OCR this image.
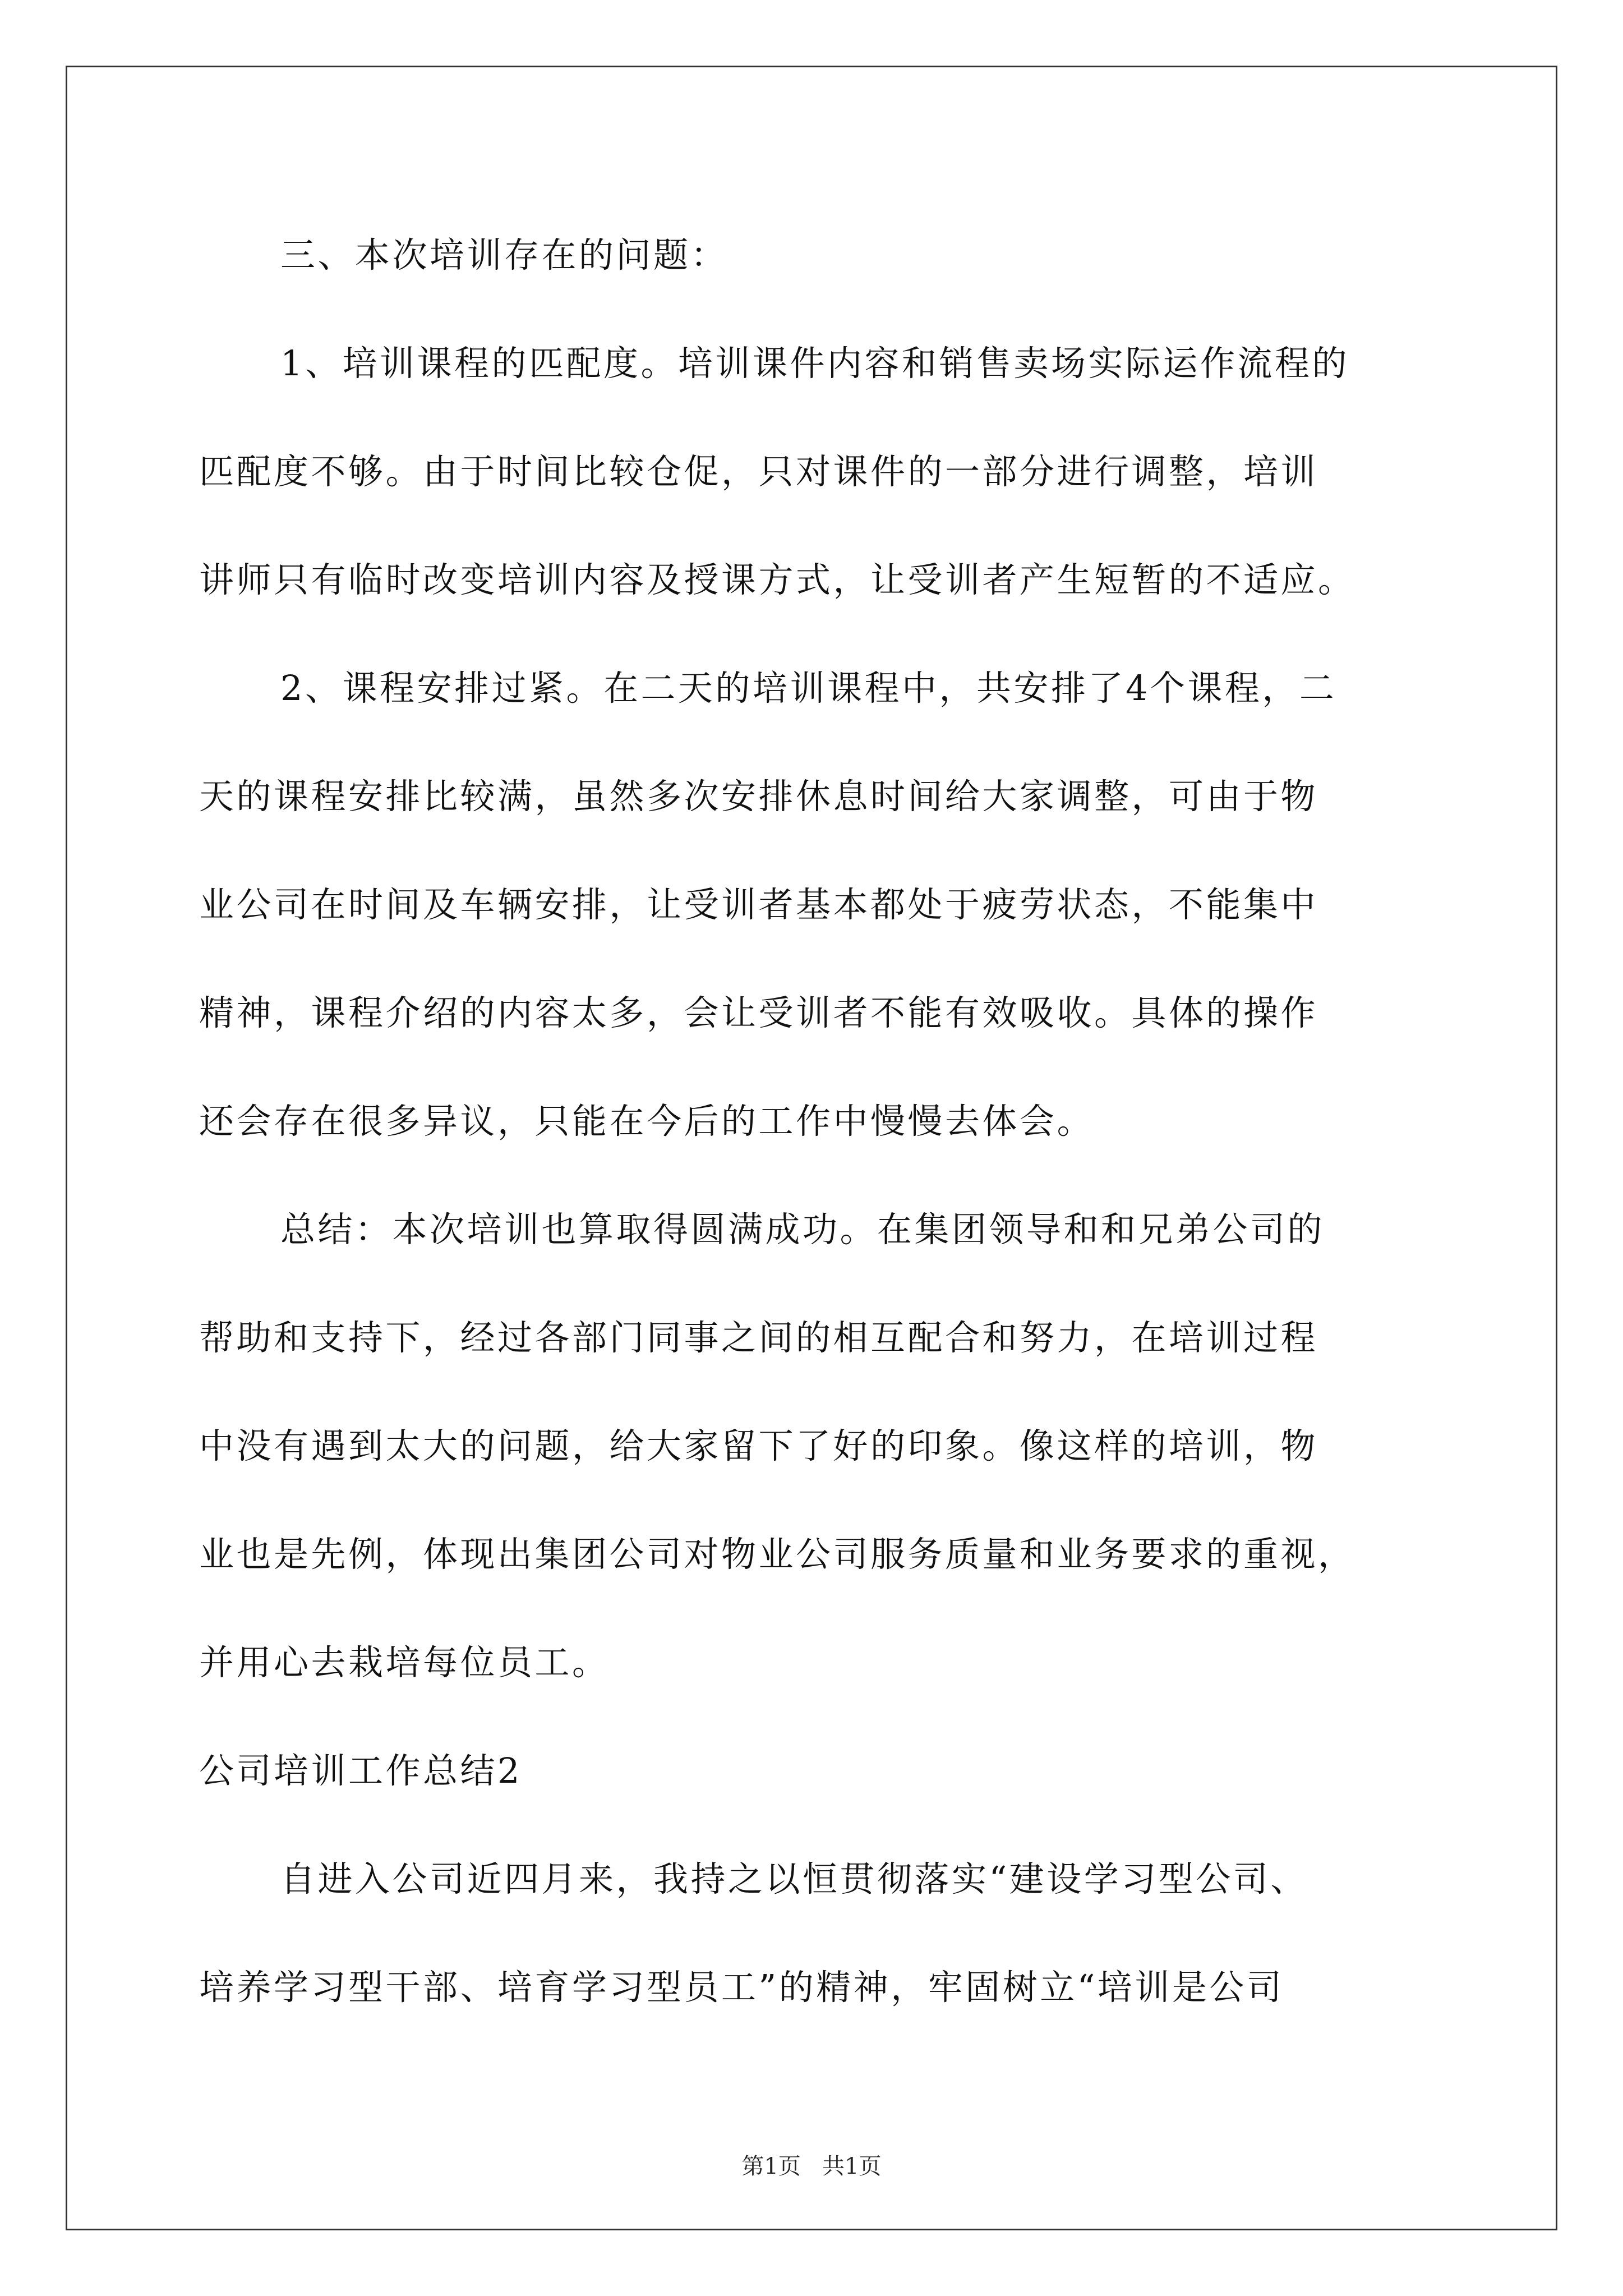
三、本次培训存在的问题：
1、培训课程的匹配度。培训课件内容和销售卖场实际运作流程的
匹配度不够。由于时间比较仓促，只对课件的一部分进行调整，培训
讲师只有临时改变培训内容及授课方式，让受训者产生短暂的不适应。
2、课程安排过紧。在二天的培训课程中，共安排了4个课程，二
天的课程安排比较满，虽然多次安排休息时间给大家调整，可由于物
业公司在时间及车辆安排，让受训者基本都处于疲劳状态，不能集中
精神，课程介绍的内容太多，会让受训者不能有效吸收。具体的操作
还会存在很多异议，只能在今后的工作中慢慢去体会。
总结：本次培训也算取得圆满成功。在集团领导和和兄弟公司的
帮助和支持下，经过各部门同事之间的相互配合和努力，在培训过程
中没有遇到太大的问题，给大家留下了好的印象。像这样的培训，物
业也是先例，体现出集团公司对物业公司服务质量和业务要求的重视，
并用心去栽培每位员工。
公司培训工作总结2
自进入公司近四月来，我持之以恒贯彻落实“建设学习型公司、
培养学习型干部、培育学习型员工”的精神，牢固树立“培训是公司
第1页   共1页
